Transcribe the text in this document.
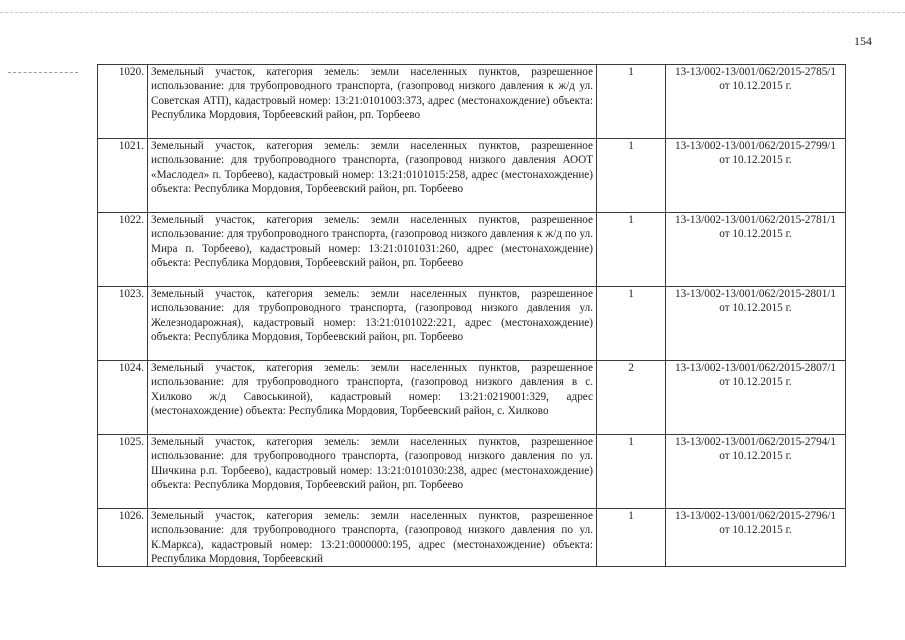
154
1020.	Земельный участок, категория земель: земли населенных пунктов, разрешенное использование: для трубопроводного транспорта, (газопровод низкого давления к ж/д ул. Советская АТП), кадастровый номер: 13:21:0101003:373, адрес (местонахождение) объекта: Республика Мордовия, Торбеевский район, рп. Торбеево	1	13-13/002-13/001/062/2015-2785/1 от 10.12.2015 г.
1021.	Земельный участок, категория земель: земли населенных пунктов, разрешенное использование: для трубопроводного транспорта, (газопровод низкого давления АООТ «Маслодел» п. Торбеево), кадастровый номер: 13:21:0101015:258, адрес (местонахождение) объекта: Республика Мордовия, Торбеевский район, рп. Торбеево	1	13-13/002-13/001/062/2015-2799/1 от 10.12.2015 г.
1022.	Земельный участок, категория земель: земли населенных пунктов, разрешенное использование: для трубопроводного транспорта, (газопровод низкого давления к ж/д по ул. Мира п. Торбеево), кадастровый номер: 13:21:0101031:260, адрес (местонахождение) объекта: Республика Мордовия, Торбеевский район, рп. Торбеево	1	13-13/002-13/001/062/2015-2781/1 от 10.12.2015 г.
1023.	Земельный участок, категория земель: земли населенных пунктов, разрешенное использование: для трубопроводного транспорта, (газопровод низкого давления ул. Железнодарожная), кадастровый номер: 13:21:0101022:221, адрес (местонахождение) объекта: Республика Мордовия, Торбеевский район, рп. Торбеево	1	13-13/002-13/001/062/2015-2801/1 от 10.12.2015 г.
1024.	Земельный участок, категория земель: земли населенных пунктов, разрешенное использование: для трубопроводного транспорта, (газопровод низкого давления в с. Хилково ж/д Савоськиной), кадастровый номер: 13:21:0219001:329, адрес (местонахождение) объекта: Республика Мордовия, Торбеевский район, с. Хилково	2	13-13/002-13/001/062/2015-2807/1 от 10.12.2015 г.
1025.	Земельный участок, категория земель: земли населенных пунктов, разрешенное использование: для трубопроводного транспорта, (газопровод низкого давления по ул. Шичкина р.п. Торбеево), кадастровый номер: 13:21:0101030:238, адрес (местонахождение) объекта: Республика Мордовия, Торбеевский район, рп. Торбеево	1	13-13/002-13/001/062/2015-2794/1 от 10.12.2015 г.
1026.	Земельный участок, категория земель: земли населенных пунктов, разрешенное использование: для трубопроводного транспорта, (газопровод низкого давления по ул. К.Маркса), кадастровый номер: 13:21:0000000:195, адрес (местонахождение) объекта: Республика Мордовия, Торбеевский	1	13-13/002-13/001/062/2015-2796/1 от 10.12.2015 г.
